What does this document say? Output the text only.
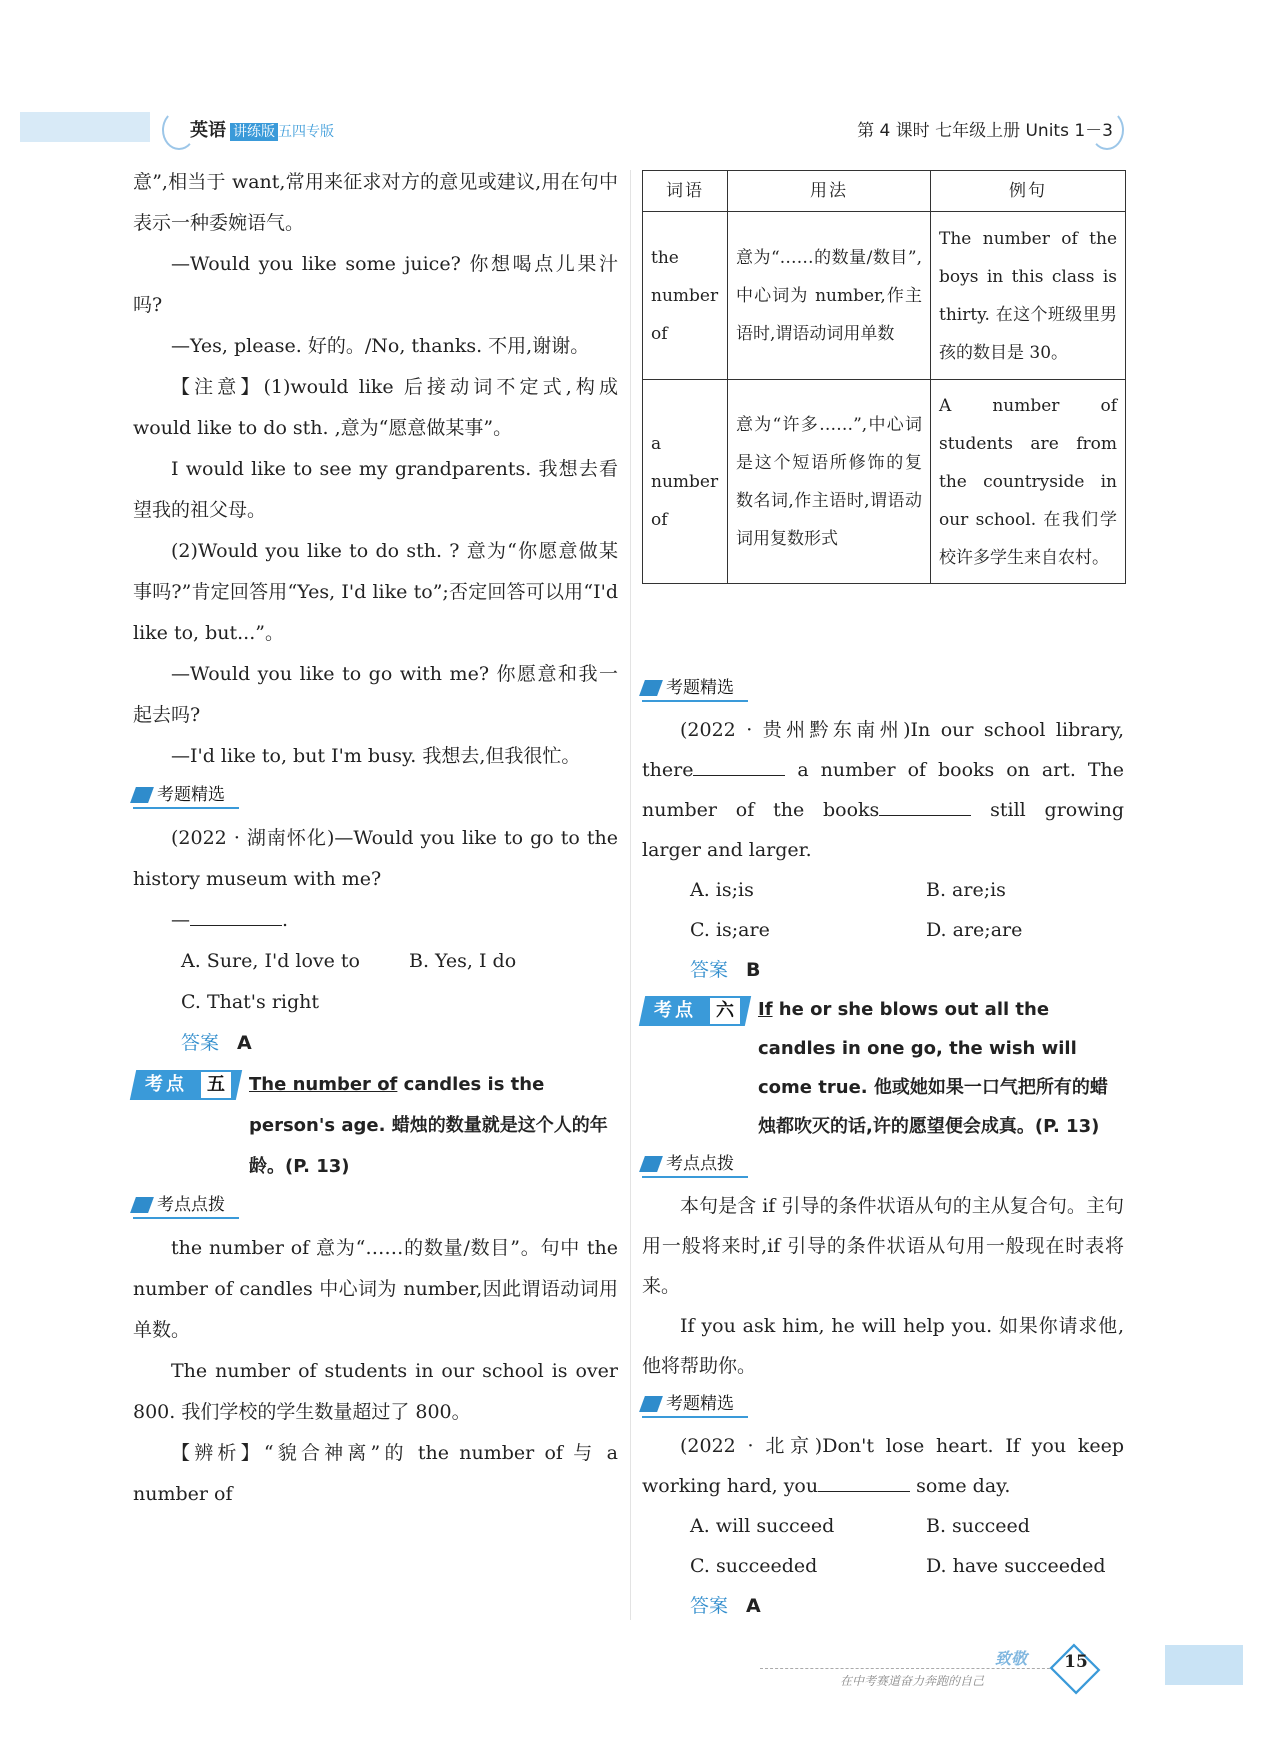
英语 讲练版 五四专版	第 4 课时 七年级上册 Units 1－3

意”,相当于 want,常用来征求对方的意见或建议,用在句中表示一种委婉语气。

—Would you like some juice? 你想喝点儿果汁吗?

—Yes, please. 好的。/No, thanks. 不用,谢谢。

【注意】(1)would like 后接动词不定式,构成 would like to do sth. ,意为“愿意做某事”。

I would like to see my grandparents. 我想去看望我的祖父母。

(2)Would you like to do sth. ? 意为“你愿意做某事吗?”肯定回答用“Yes, I'd like to”;否定回答可以用“I'd like to, but...”。

—Would you like to go with me? 你愿意和我一起去吗?

—I'd like to, but I'm busy. 我想去,但我很忙。

考题精选

(2022 · 湖南怀化)—Would you like to go to the history museum with me?

—	.

A. Sure, I'd love to	B. Yes, I do
C. That's right
答案 A
考点	五	The number of candles is the person's age. 蜡烛的数量就是这个人的年龄。(P. 13)
考点点拨

the number of 意为“……的数量/数目”。句中 the number of candles 中心词为 number,因此谓语动词用单数。

The number of students in our school is over 800. 我们学校的学生数量超过了 800。

【辨析】“貌合神离”的 the number of 与 a number of

词语	用法	例句
the number of	意为“……的数量/数目”,中心词为 number,作主语时,谓语动词用单数	The number of the boys in this class is thirty. 在这个班级里男孩的数目是 30。
a number of	意为“许多……”,中心词是这个短语所修饰的复数名词,作主语时,谓语动词用复数形式	A number of students are from the countryside in our school. 在我们学校许多学生来自农村。
考题精选

(2022 · 贵州黔东南州)In our school library, there	a number of books on art. The number of the books	still growing larger and larger.

A. is;is	B. are;is
C. is;are	D. are;are
答案 B
考点	六	If he or she blows out all the candles in one go, the wish will come true. 他或她如果一口气把所有的蜡烛都吹灭的话,许的愿望便会成真。(P. 13)
考点点拨

本句是含 if 引导的条件状语从句的主从复合句。主句用一般将来时,if 引导的条件状语从句用一般现在时表将来。

If you ask him, he will help you. 如果你请求他,他将帮助你。

考题精选

(2022 · 北京)Don't lose heart. If you keep working hard, you	some day.

A. will succeed	B. succeed
C. succeeded	D. have succeeded
答案 A
致敬
在中考赛道奋力奔跑的自己
15
